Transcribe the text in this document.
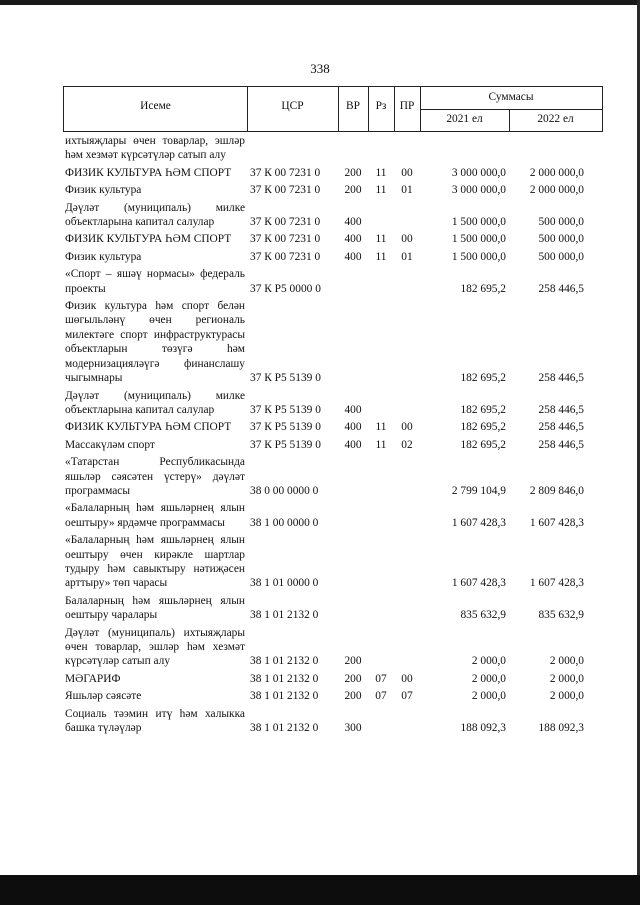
338
Исеме	ЦСР	ВР	Рз	ПР
Суммасы
2021 ел	2022 ел
ихтыяҗлары өчен товарлар, эшләр һәм хезмәт күрсәтүләр сатып алу
ФИЗИК КУЛЬТУРА ҺӘМ СПОРТ	37 К 00 7231 0	200	11	00	3 000 000,0	2 000 000,0
Физик культура	37 К 00 7231 0	200	11	01	3 000 000,0	2 000 000,0
Дәүләт (муниципаль) милке объектларына капитал салулар	37 К 00 7231 0	400	1 500 000,0	500 000,0
ФИЗИК КУЛЬТУРА ҺӘМ СПОРТ	37 К 00 7231 0	400	11	00	1 500 000,0	500 000,0
Физик культура	37 К 00 7231 0	400	11	01	1 500 000,0	500 000,0
«Спорт – яшәү нормасы» федераль проекты	37 К P5 0000 0	182 695,2	258 446,5
Физик культура һәм спорт белән шөгыльләнү өчен региональ милектәге спорт инфраструктурасы объектларын төзүгә һәм модернизацияләүгә финанслашу чыгымнары	37 К P5 5139 0	182 695,2	258 446,5
Дәүләт (муниципаль) милке объектларына капитал салулар	37 К P5 5139 0	400	182 695,2	258 446,5
ФИЗИК КУЛЬТУРА ҺӘМ СПОРТ	37 К P5 5139 0	400	11	00	182 695,2	258 446,5
Массакүләм спорт	37 К P5 5139 0	400	11	02	182 695,2	258 446,5
«Татарстан Республикасында яшьләр сәясәтен үстерү» дәүләт программасы	38 0 00 0000 0	2 799 104,9	2 809 846,0
«Балаларның һәм яшьләрнең ялын оештыру» ярдәмче программасы	38 1 00 0000 0	1 607 428,3	1 607 428,3
«Балаларның һәм яшьләрнең ялын оештыру өчен кирәкле шартлар тудыру һәм савыктыру нәтиҗәсен арттыру» төп чарасы	38 1 01 0000 0	1 607 428,3	1 607 428,3
Балаларның һәм яшьләрнең ялын оештыру чаралары	38 1 01 2132 0	835 632,9	835 632,9
Дәүләт (муниципаль) ихтыяҗлары өчен товарлар, эшләр һәм хезмәт күрсәтүләр сатып алу	38 1 01 2132 0	200	2 000,0	2 000,0
МӘГАРИФ	38 1 01 2132 0	200	07	00	2 000,0	2 000,0
Яшьләр сәясәте	38 1 01 2132 0	200	07	07	2 000,0	2 000,0
Социаль тәэмин итү һәм халыкка башка түләүләр	38 1 01 2132 0	300	188 092,3	188 092,3
